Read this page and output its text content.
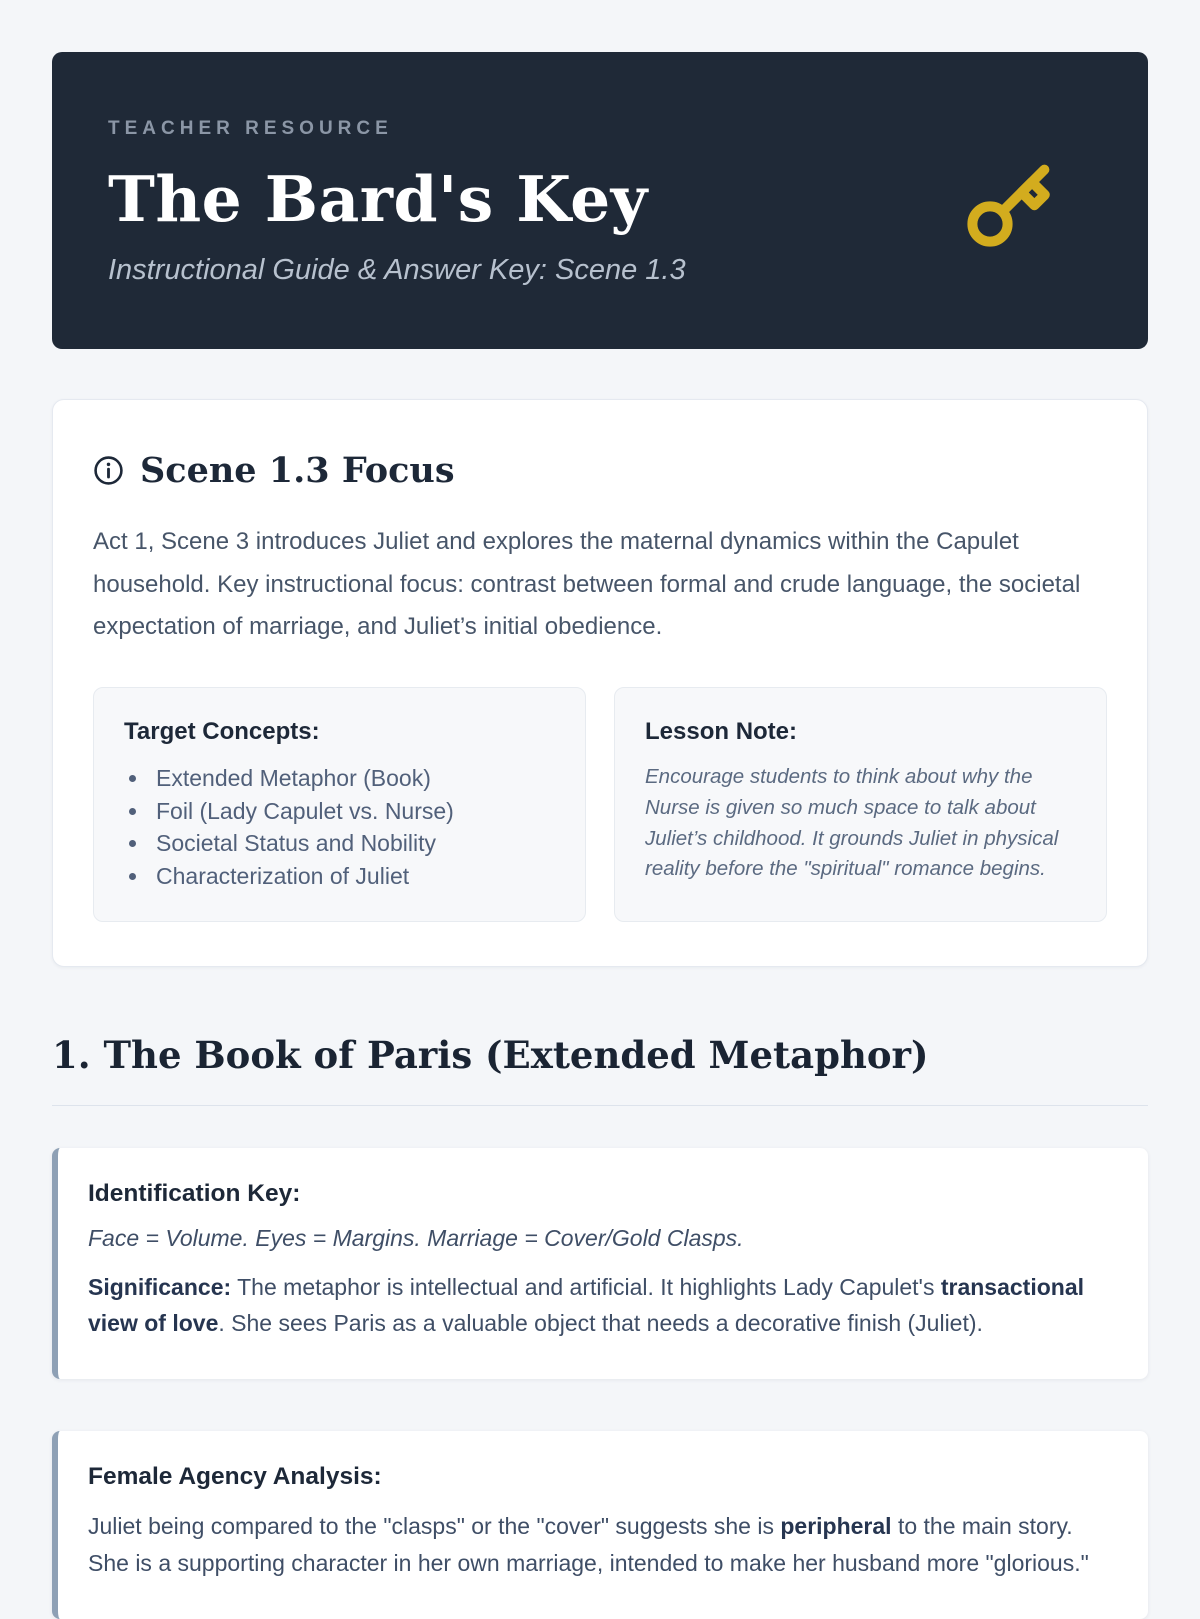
TEACHER RESOURCE
The Bard's Key
Instructional Guide & Answer Key: Scene 1.3
Scene 1.3 Focus

Act 1, Scene 3 introduces Juliet and explores the maternal dynamics within the Capulet household. Key instructional focus: contrast between formal and crude language, the societal expectation of marriage, and Juliet’s initial obedience.

Target Concepts:
• Extended Metaphor (Book)
• Foil (Lady Capulet vs. Nurse)
• Societal Status and Nobility
• Characterization of Juliet
Lesson Note:

Encourage students to think about why the Nurse is given so much space to talk about Juliet’s childhood. It grounds Juliet in physical reality before the "spiritual" romance begins.

1. The Book of Paris (Extended Metaphor)
Identification Key:

Face = Volume. Eyes = Margins. Marriage = Cover/Gold Clasps.

Significance: The metaphor is intellectual and artificial. It highlights Lady Capulet's transactional view of love. She sees Paris as a valuable object that needs a decorative finish (Juliet).

Female Agency Analysis:

Juliet being compared to the "clasps" or the "cover" suggests she is peripheral to the main story. She is a supporting character in her own marriage, intended to make her husband more "glorious."
